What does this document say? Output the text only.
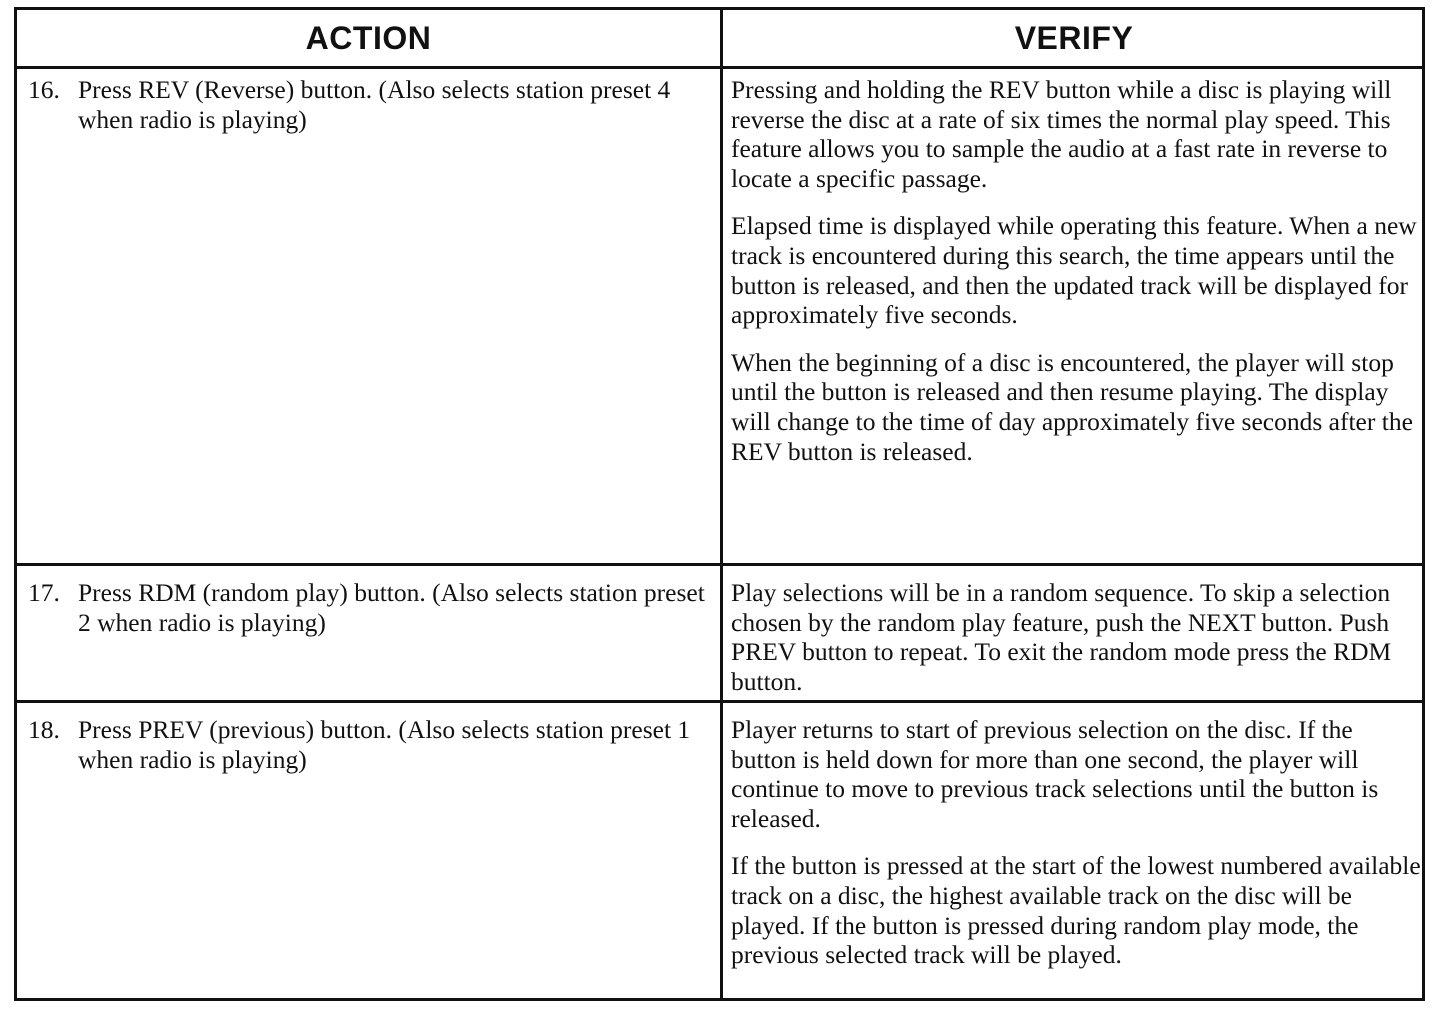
ACTION	VERIFY
16. Press REV (Reverse) button. (Also selects station preset 4 when radio is playing)

Pressing and holding the REV button while a disc is playing will reverse the disc at a rate of six times the normal play speed. This feature allows you to sample the audio at a fast rate in reverse to locate a specific passage.

Elapsed time is displayed while operating this feature. When a new track is encountered during this search, the time appears until the button is released, and then the updated track will be displayed for approximately five seconds.

When the beginning of a disc is encountered, the player will stop until the button is released and then resume playing. The display will change to the time of day approximately five seconds after the REV button is released.

17. Press RDM (random play) button. (Also selects station preset 2 when radio is playing)

Play selections will be in a random sequence. To skip a selection chosen by the random play feature, push the NEXT button. Push PREV button to repeat. To exit the random mode press the RDM button.

18. Press PREV (previous) button. (Also selects station preset 1 when radio is playing)

Player returns to start of previous selection on the disc. If the button is held down for more than one second, the player will continue to move to previous track selections until the button is released.

If the button is pressed at the start of the lowest numbered available track on a disc, the highest available track on the disc will be played. If the button is pressed during random play mode, the previous selected track will be played.
